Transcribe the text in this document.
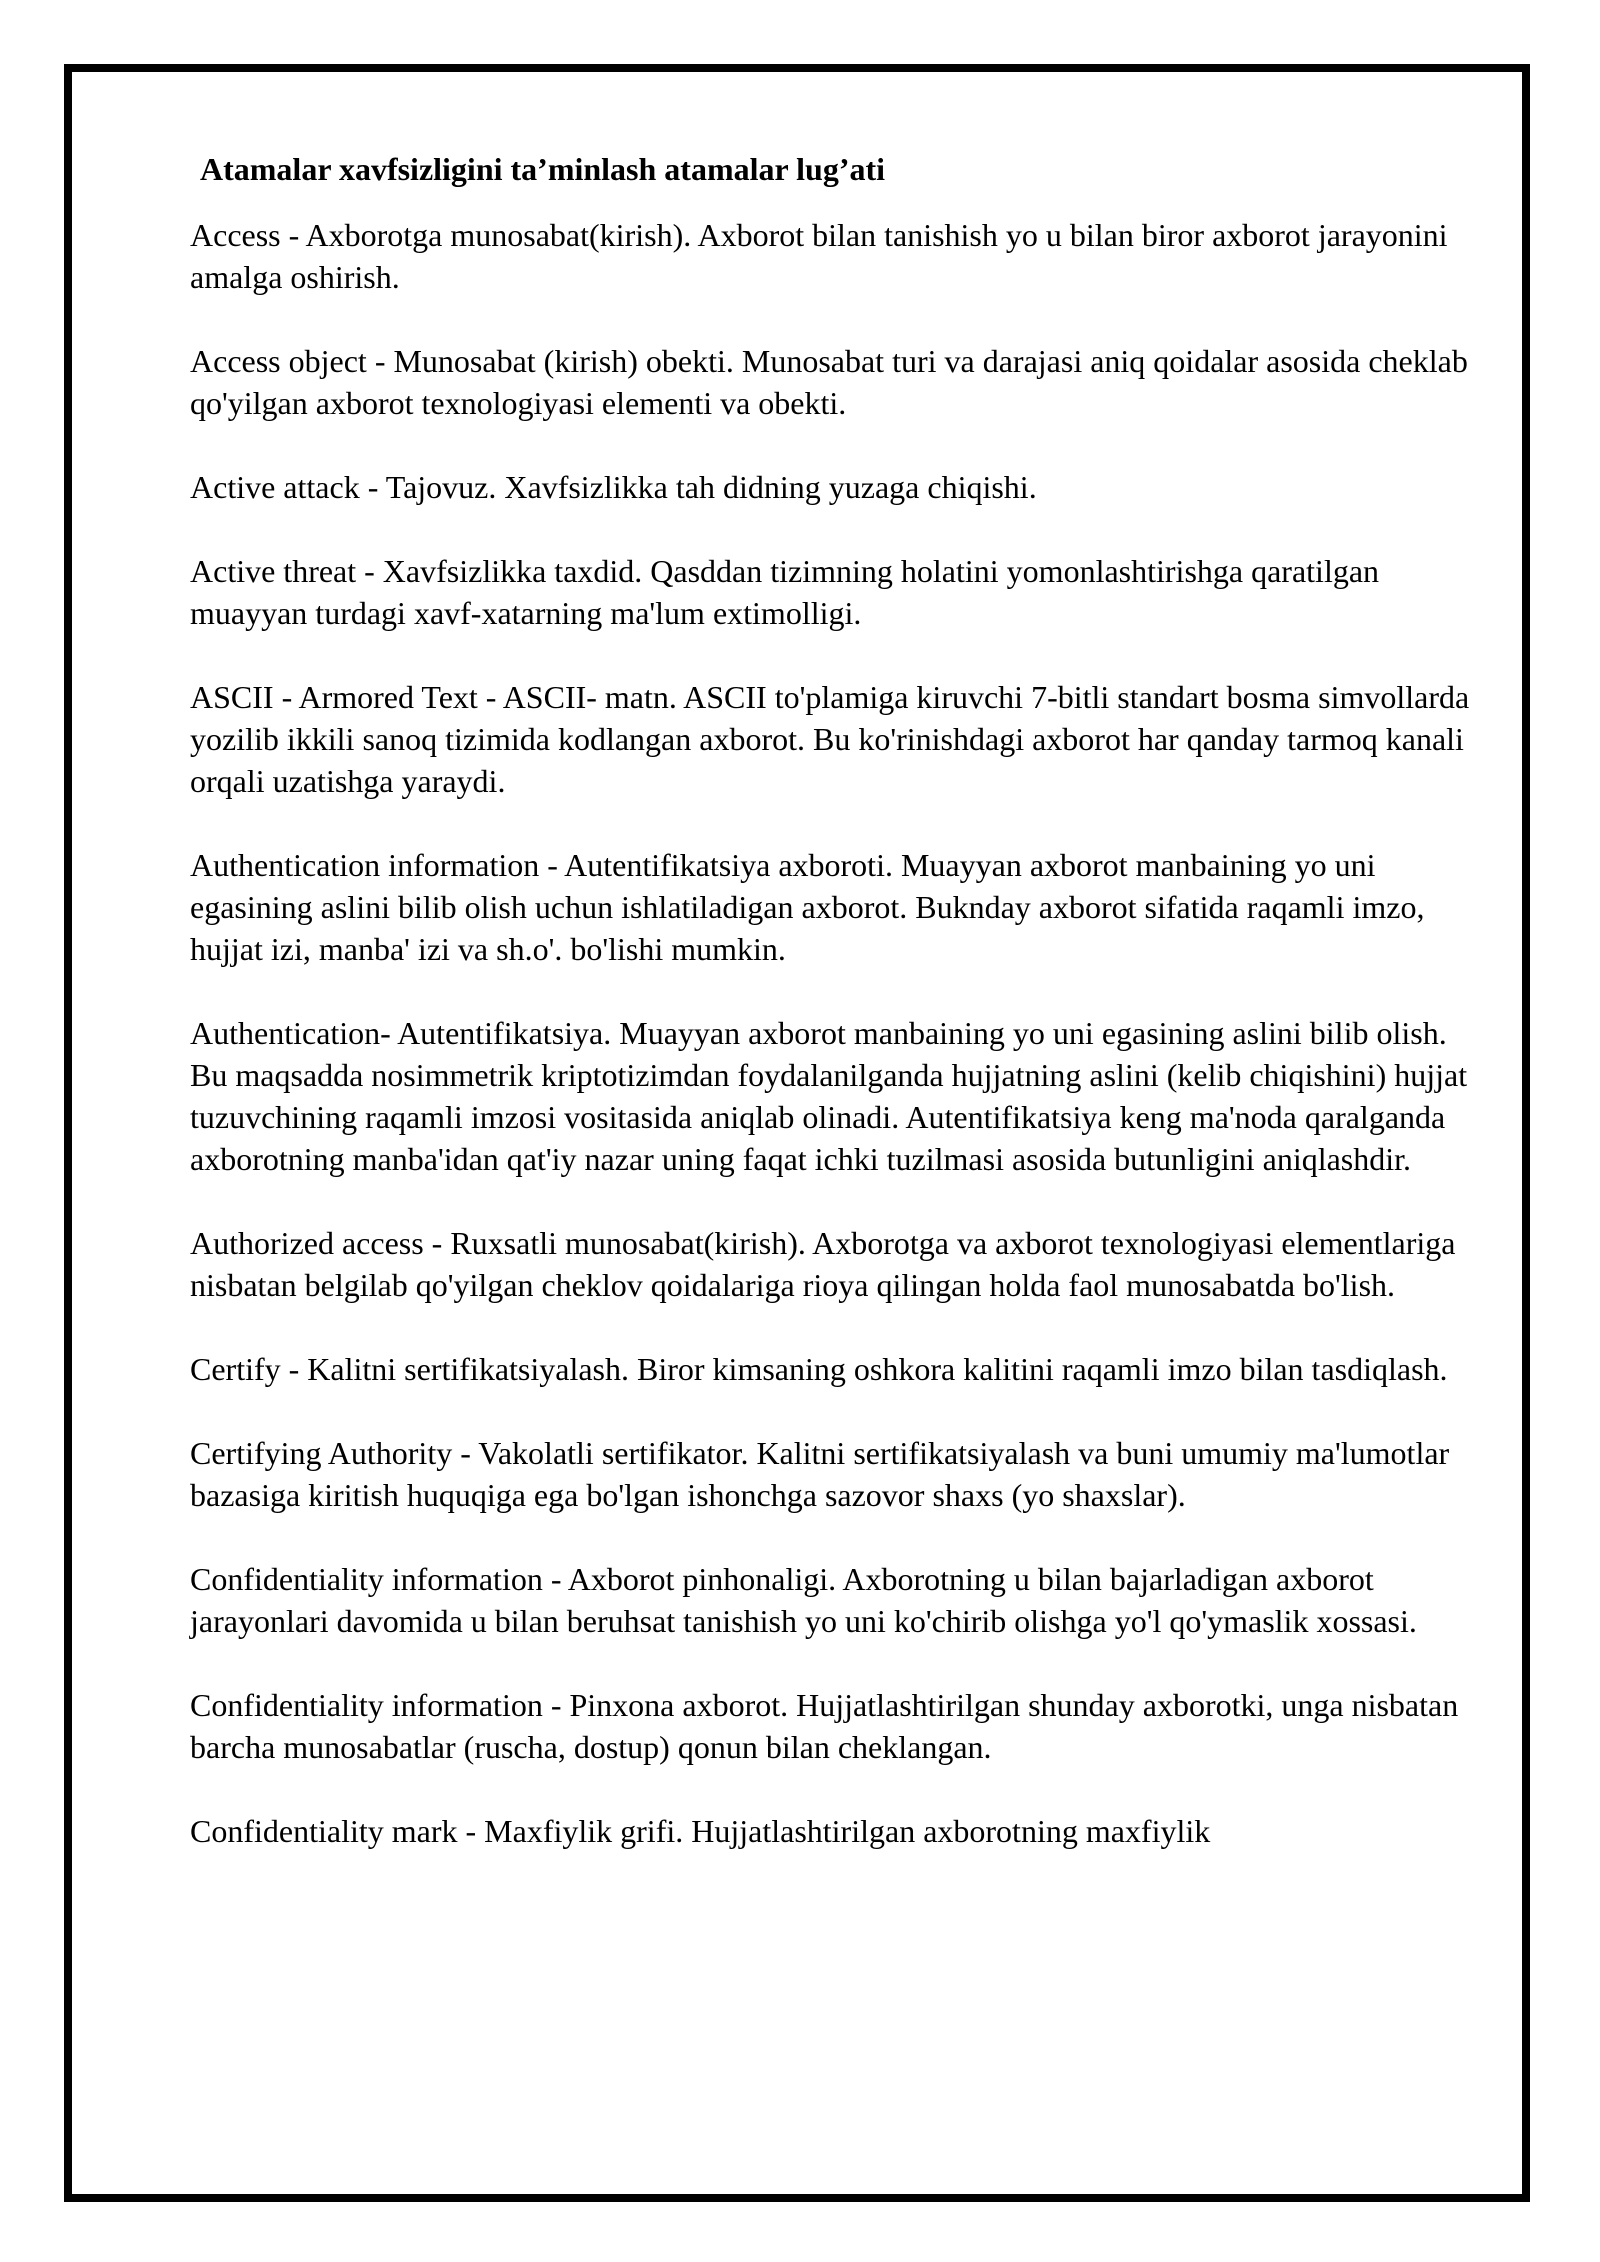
Atamalar xavfsizligini ta’minlash atamalar lug’ati

Access - Axborotga munosabat(kirish). Axborot bilan tanishish yo u bilan biror axborot jarayonini amalga oshirish.

Access object - Munosabat (kirish) obekti. Munosabat turi va darajasi aniq qoidalar asosida cheklab qo'yilgan axborot texnologiyasi elementi va obekti.

Active attack - Tajovuz. Xavfsizlikka tah didning yuzaga chiqishi.

Active threat - Xavfsizlikka taxdid. Qasddan tizimning holatini yomonlashtirishga qaratilgan muayyan turdagi xavf-xatarning ma'lum extimolligi.

ASCII - Armored Text - ASCII- matn. ASCII to'plamiga kiruvchi 7-bitli standart bosma simvollarda yozilib ikkili sanoq tizimida kodlangan axborot. Bu ko'rinishdagi axborot har qanday tarmoq kanali orqali uzatishga yaraydi.

Authentication information - Autentifikatsiya axboroti. Muayyan axborot manbaining yo uni egasining aslini bilib olish uchun ishlatiladigan axborot. Buknday axborot sifatida raqamli imzo, hujjat izi, manba' izi va sh.o'. bo'lishi mumkin.

Authentication- Autentifikatsiya. Muayyan axborot manbaining yo uni egasining aslini bilib olish. Bu maqsadda nosimmetrik kriptotizimdan foydalanilganda hujjatning aslini (kelib chiqishini) hujjat tuzuvchining raqamli imzosi vositasida aniqlab olinadi. Autentifikatsiya keng ma'noda qaralganda axborotning manba'idan qat'iy nazar uning faqat ichki tuzilmasi asosida butunligini aniqlashdir.

Authorized access - Ruxsatli munosabat(kirish). Axborotga va axborot texnologiyasi elementlariga nisbatan belgilab qo'yilgan cheklov qoidalariga rioya qilingan holda faol munosabatda bo'lish.

Certify - Kalitni sertifikatsiyalash. Biror kimsaning oshkora kalitini raqamli imzo bilan tasdiqlash.

Certifying Authority - Vakolatli sertifikator. Kalitni sertifikatsiyalash va buni umumiy ma'lumotlar bazasiga kiritish huquqiga ega bo'lgan ishonchga sazovor shaxs (yo shaxslar).

Confidentiality information - Axborot pinhonaligi. Axborotning u bilan bajarladigan axborot jarayonlari davomida u bilan beruhsat tanishish yo uni ko'chirib olishga yo'l qo'ymaslik xossasi.

Confidentiality information - Pinxona axborot. Hujjatlashtirilgan shunday axborotki, unga nisbatan barcha munosabatlar (ruscha, dostup) qonun bilan cheklangan.

Confidentiality mark - Maxfiylik grifi. Hujjatlashtirilgan axborotning maxfiylik
